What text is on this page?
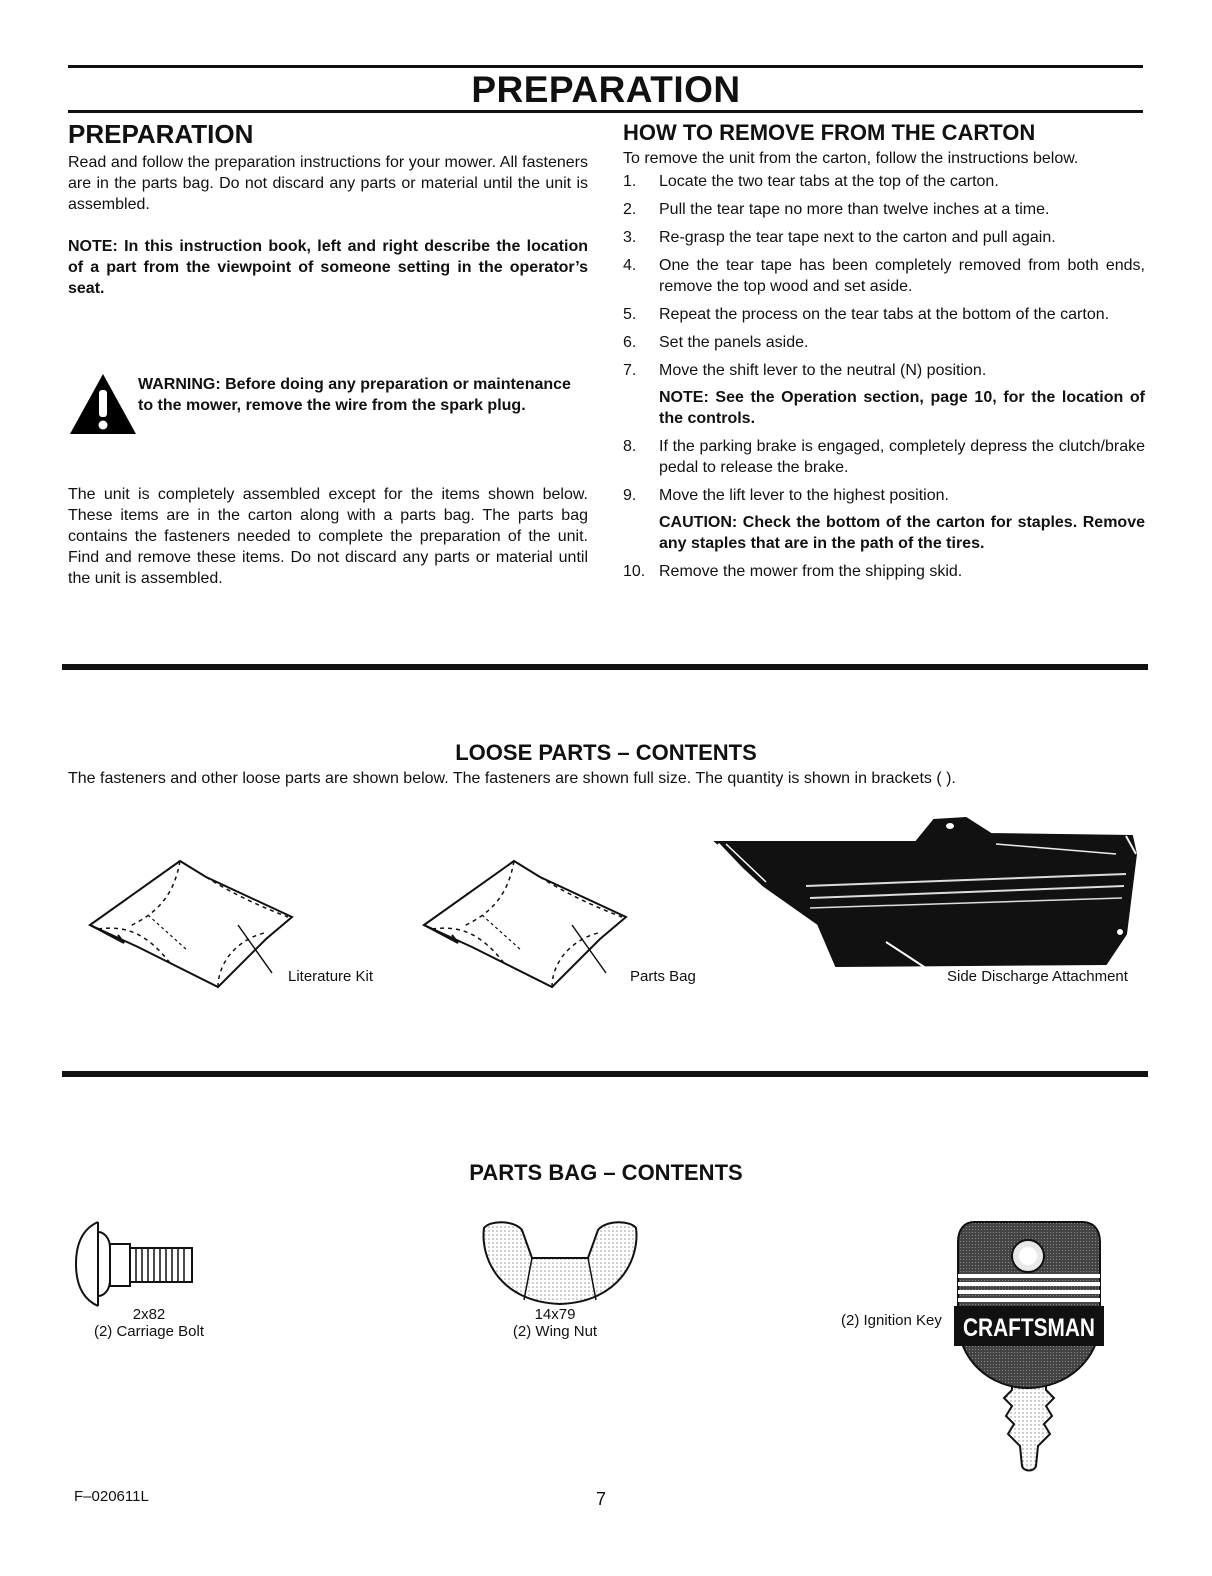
PREPARATION
PREPARATION

Read and follow the preparation instructions for your mower. All fasteners are in the parts bag. Do not discard any parts or material until the unit is assembled.

NOTE: In this instruction book, left and right describe the location of a part from the viewpoint of someone setting in the operator’s seat.

WARNING: Before doing any preparation or maintenance to the mower, remove the wire from the spark plug.

The unit is completely assembled except for the items shown below. These items are in the carton along with a parts bag. The parts bag contains the fasteners needed to complete the preparation of the unit. Find and remove these items. Do not discard any parts or material until the unit is assembled.

HOW TO REMOVE FROM THE CARTON

To remove the unit from the carton, follow the instructions below.

1.	Locate the two tear tabs at the top of the carton.
2.	Pull the tear tape no more than twelve inches at a time.
3.	Re-grasp the tear tape next to the carton and pull again.
4.	One the tear tape has been completely removed from both ends, remove the top wood and set aside.
5.	Repeat the process on the tear tabs at the bottom of the carton.
6.	Set the panels aside.
7.	Move the shift lever to the neutral (N) position.
NOTE: See the Operation section, page 10, for the location of the controls.
8.	If the parking brake is engaged, completely depress the clutch/brake pedal to release the brake.
9.	Move the lift lever to the highest position.
CAUTION: Check the bottom of the carton for staples. Remove any staples that are in the path of the tires.
10. Remove the mower from the shipping skid.
LOOSE PARTS – CONTENTS
The fasteners and other loose parts are shown below. The fasteners are shown full size. The quantity is shown in brackets ( ).
Literature Kit	Parts Bag	Side Discharge Attachment
PARTS BAG – CONTENTS
2x82
(2) Carriage Bolt
14x79
(2) Wing Nut
(2) Ignition Key CRAFTSMAN
F–020611L	7
